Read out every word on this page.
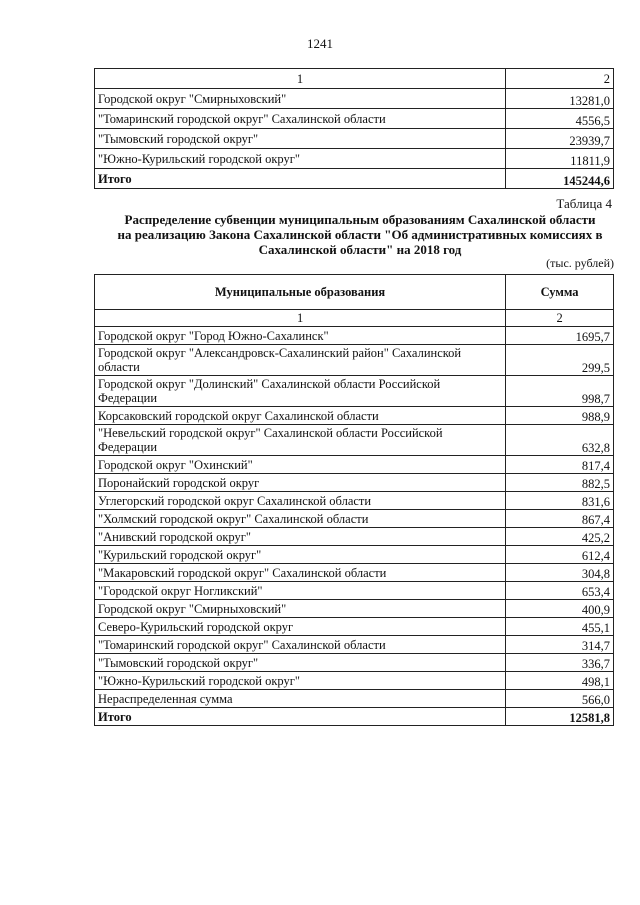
1241
1	2
Городской округ "Смирныховский"	13281,0
"Томаринский городской округ" Сахалинской области	4556,5
"Тымовский городской округ"	23939,7
"Южно-Курильский городской округ"	11811,9
Итого	145244,6
Таблица 4
Распределение субвенции муниципальным образованиям Сахалинской области
на реализацию Закона Сахалинской области "Об административных комиссиях в
Сахалинской области" на 2018 год
(тыс. рублей)
Муниципальные образования	Сумма
1	2
Городской округ "Город Южно-Сахалинск"	1695,7
Городской округ "Александровск-Сахалинский район" Сахалинской области	299,5
Городской округ "Долинский" Сахалинской области Российской Федерации	998,7
Корсаковский городской округ Сахалинской области	988,9
"Невельский городской округ" Сахалинской области Российской Федерации	632,8
Городской округ "Охинский"	817,4
Поронайский городской округ	882,5
Углегорский городской округ Сахалинской области	831,6
"Холмский городской округ" Сахалинской области	867,4
"Анивский городской округ"	425,2
"Курильский городской округ"	612,4
"Макаровский городской округ" Сахалинской области	304,8
"Городской округ Ногликский"	653,4
Городской округ "Смирныховский"	400,9
Северо-Курильский городской округ	455,1
"Томаринский городской округ" Сахалинской области	314,7
"Тымовский городской округ"	336,7
"Южно-Курильский городской округ"	498,1
Нераспределенная сумма	566,0
Итого	12581,8
